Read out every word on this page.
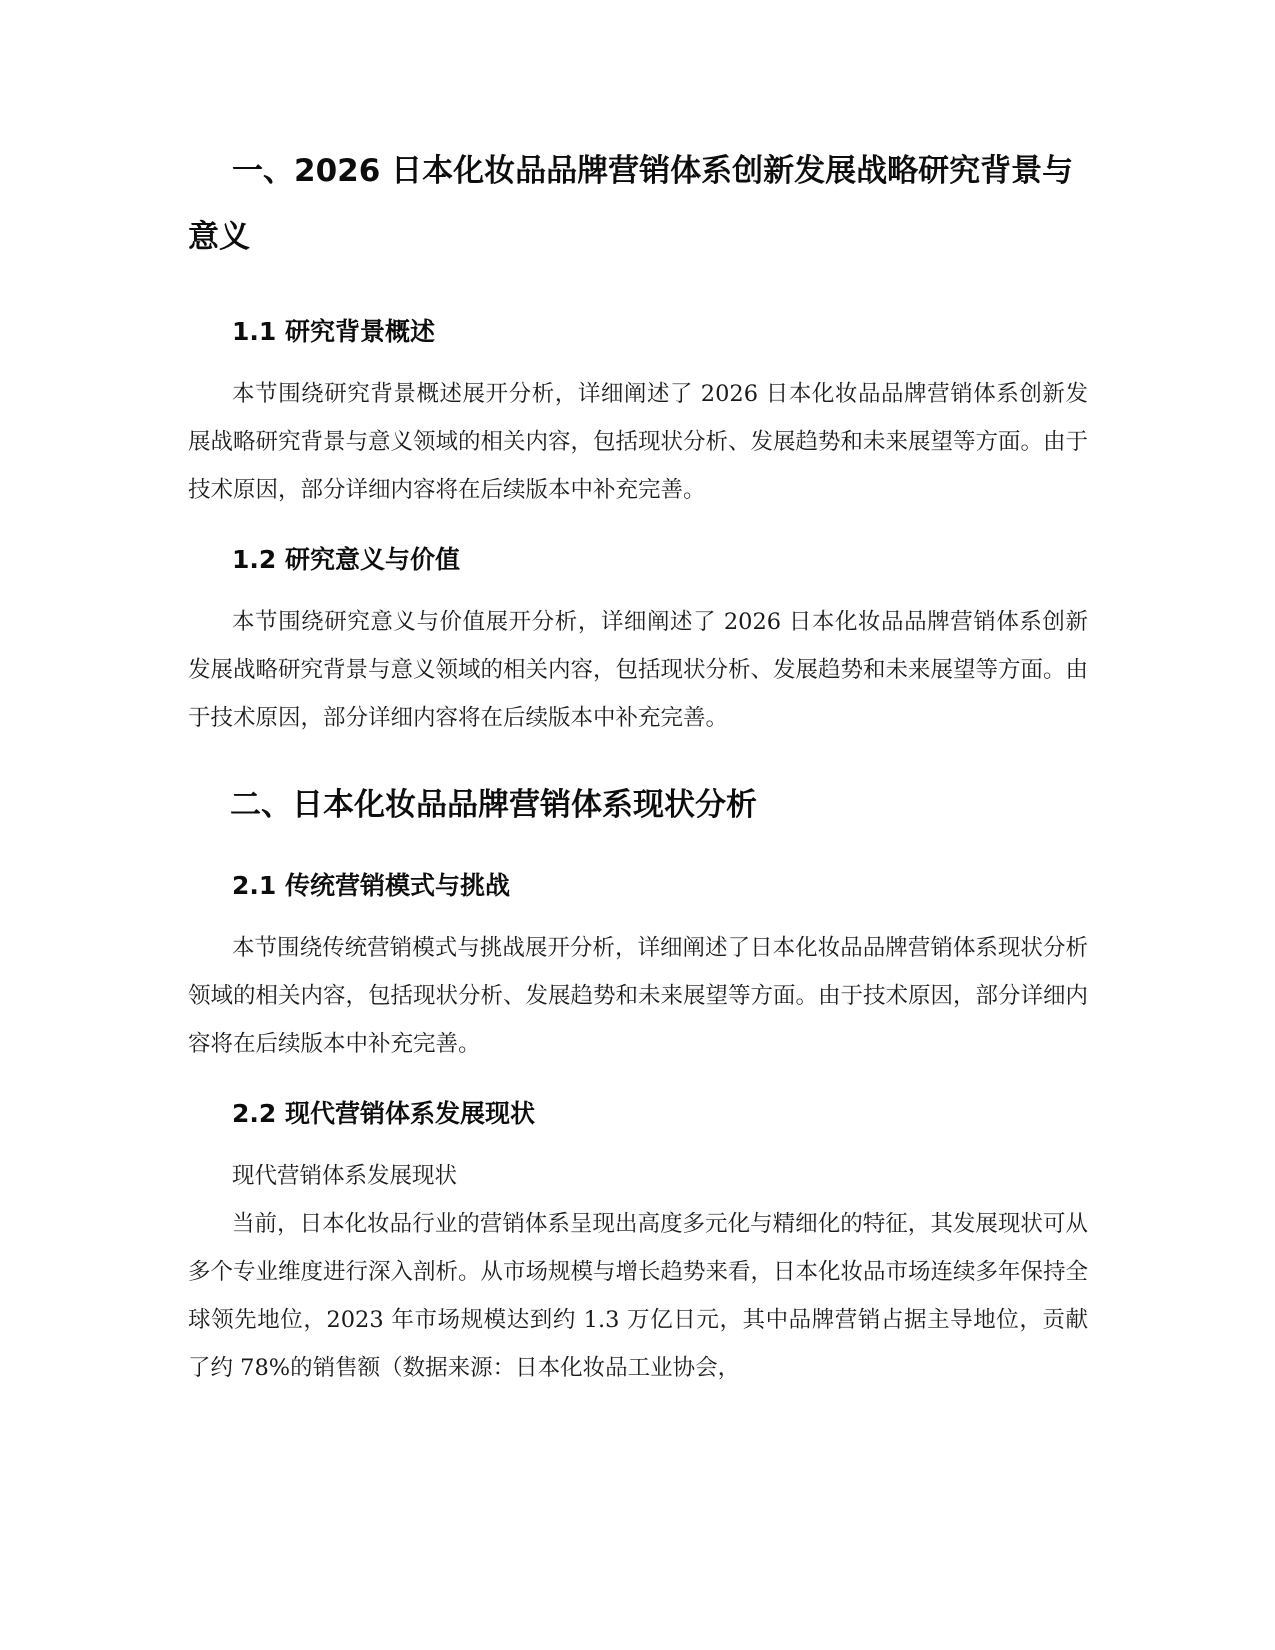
一、2026 日本化妆品品牌营销体系创新发展战略研究背景与意义
1.1 研究背景概述

本节围绕研究背景概述展开分析，详细阐述了 2026 日本化妆品品牌营销体系创新发展战略研究背景与意义领域的相关内容，包括现状分析、发展趋势和未来展望等方面。由于技术原因，部分详细内容将在后续版本中补充完善。

1.2 研究意义与价值

本节围绕研究意义与价值展开分析，详细阐述了 2026 日本化妆品品牌营销体系创新发展战略研究背景与意义领域的相关内容，包括现状分析、发展趋势和未来展望等方面。由于技术原因，部分详细内容将在后续版本中补充完善。

二、日本化妆品品牌营销体系现状分析
2.1 传统营销模式与挑战

本节围绕传统营销模式与挑战展开分析，详细阐述了日本化妆品品牌营销体系现状分析领域的相关内容，包括现状分析、发展趋势和未来展望等方面。由于技术原因，部分详细内容将在后续版本中补充完善。

2.2 现代营销体系发展现状

现代营销体系发展现状

当前，日本化妆品行业的营销体系呈现出高度多元化与精细化的特征，其发展现状可从多个专业维度进行深入剖析。从市场规模与增长趋势来看，日本化妆品市场连续多年保持全球领先地位，2023 年市场规模达到约 1.3 万亿日元，其中品牌营销占据主导地位，贡献了约 78%的销售额（数据来源：日本化妆品工业协会，
